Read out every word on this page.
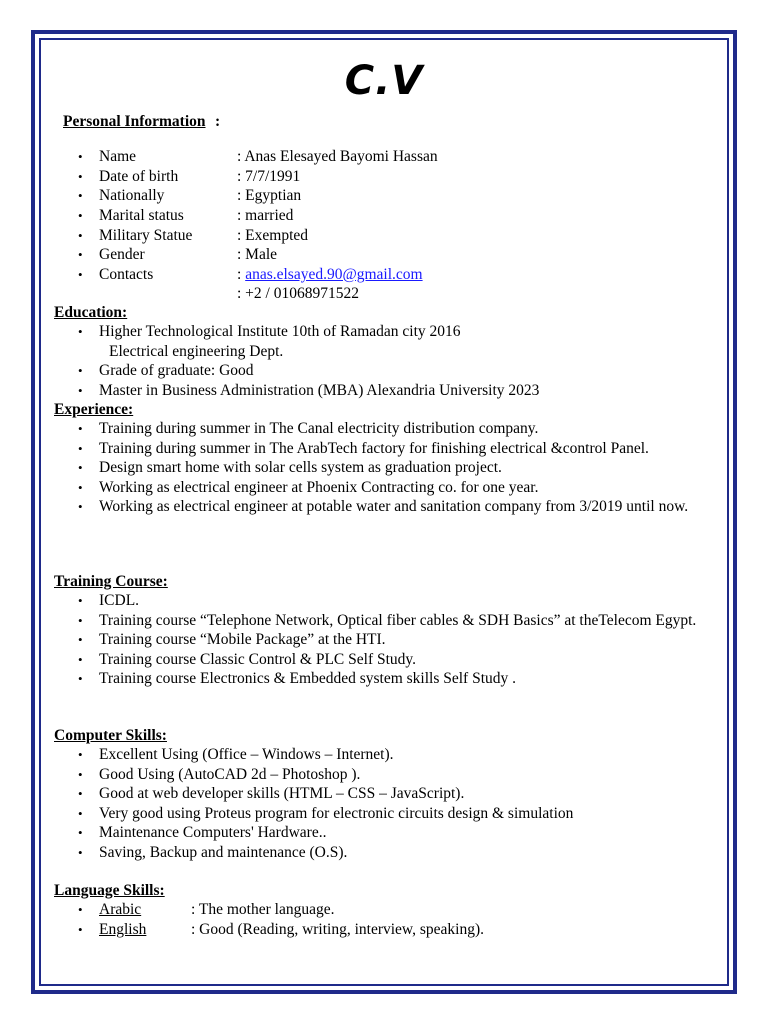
C.V
Personal Information :
• Name	: Anas Elesayed Bayomi Hassan
• Date of birth	: 7/7/1991
• Nationally	: Egyptian
• Marital status	: married
• Military Statue	: Exempted
• Gender	: Male
• Contacts	: anas.elsayed.90@gmail.com
: +2 / 01068971522
Education:
• Higher Technological Institute 10th of Ramadan city 2016
Electrical engineering Dept.
• Grade of graduate: Good
• Master in Business Administration (MBA) Alexandria University 2023
Experience:
• Training during summer in The Canal electricity distribution company.
• Training during summer in The ArabTech factory for finishing electrical &control Panel.
• Design smart home with solar cells system as graduation project.
• Working as electrical engineer at Phoenix Contracting co. for one year.
• Working as electrical engineer at potable water and sanitation company from 3/2019 until now.
Training Course:
• ICDL.
• Training course “Telephone Network, Optical fiber cables & SDH Basics” at theTelecom Egypt.
• Training course “Mobile Package” at the HTI.
• Training course Classic Control & PLC Self Study.
• Training course Electronics & Embedded system skills Self Study .
Computer Skills:
• Excellent Using (Office – Windows – Internet).
• Good Using (AutoCAD 2d – Photoshop ).
• Good at web developer skills (HTML – CSS – JavaScript).
• Very good using Proteus program for electronic circuits design & simulation
• Maintenance Computers' Hardware..
• Saving, Backup and maintenance (O.S).
Language Skills:
• Arabic	: The mother language.
• English	: Good (Reading, writing, interview, speaking).
